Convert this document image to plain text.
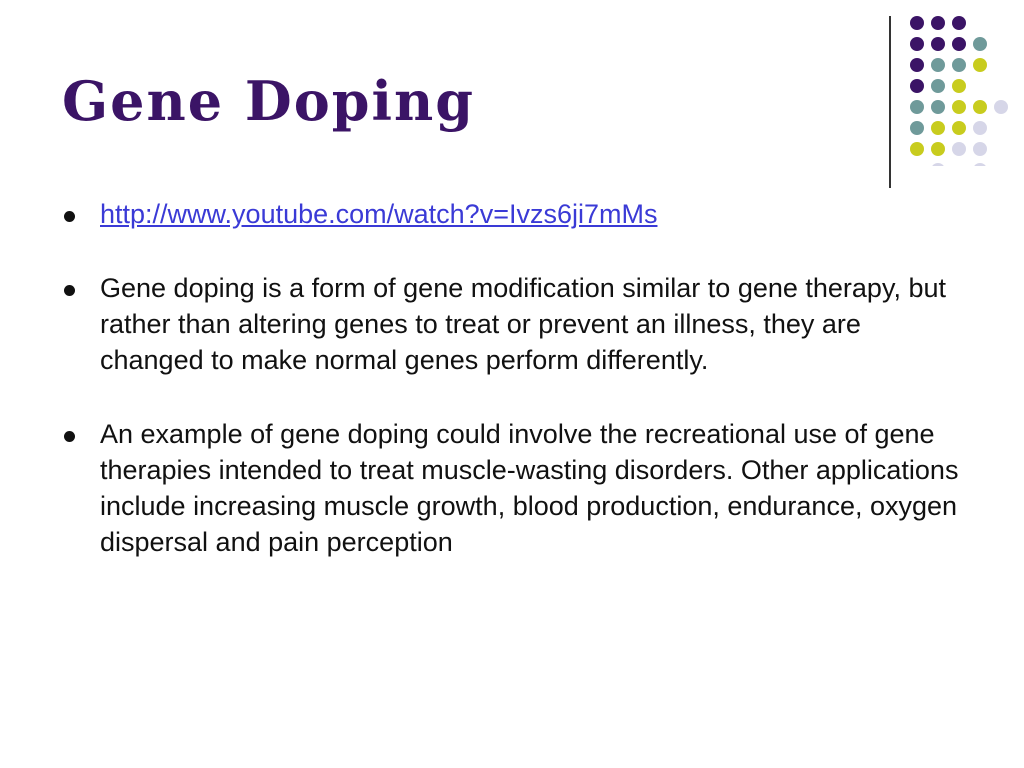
Gene Doping
http://www.youtube.com/watch?v=Ivzs6ji7mMs
Gene doping is a form of gene modification similar to gene therapy, but rather than altering genes to treat or prevent an illness, they are changed to make normal genes perform differently.
An example of gene doping could involve the recreational use of gene therapies intended to treat muscle-wasting disorders. Other applications include increasing muscle growth, blood production, endurance, oxygen dispersal and pain perception
